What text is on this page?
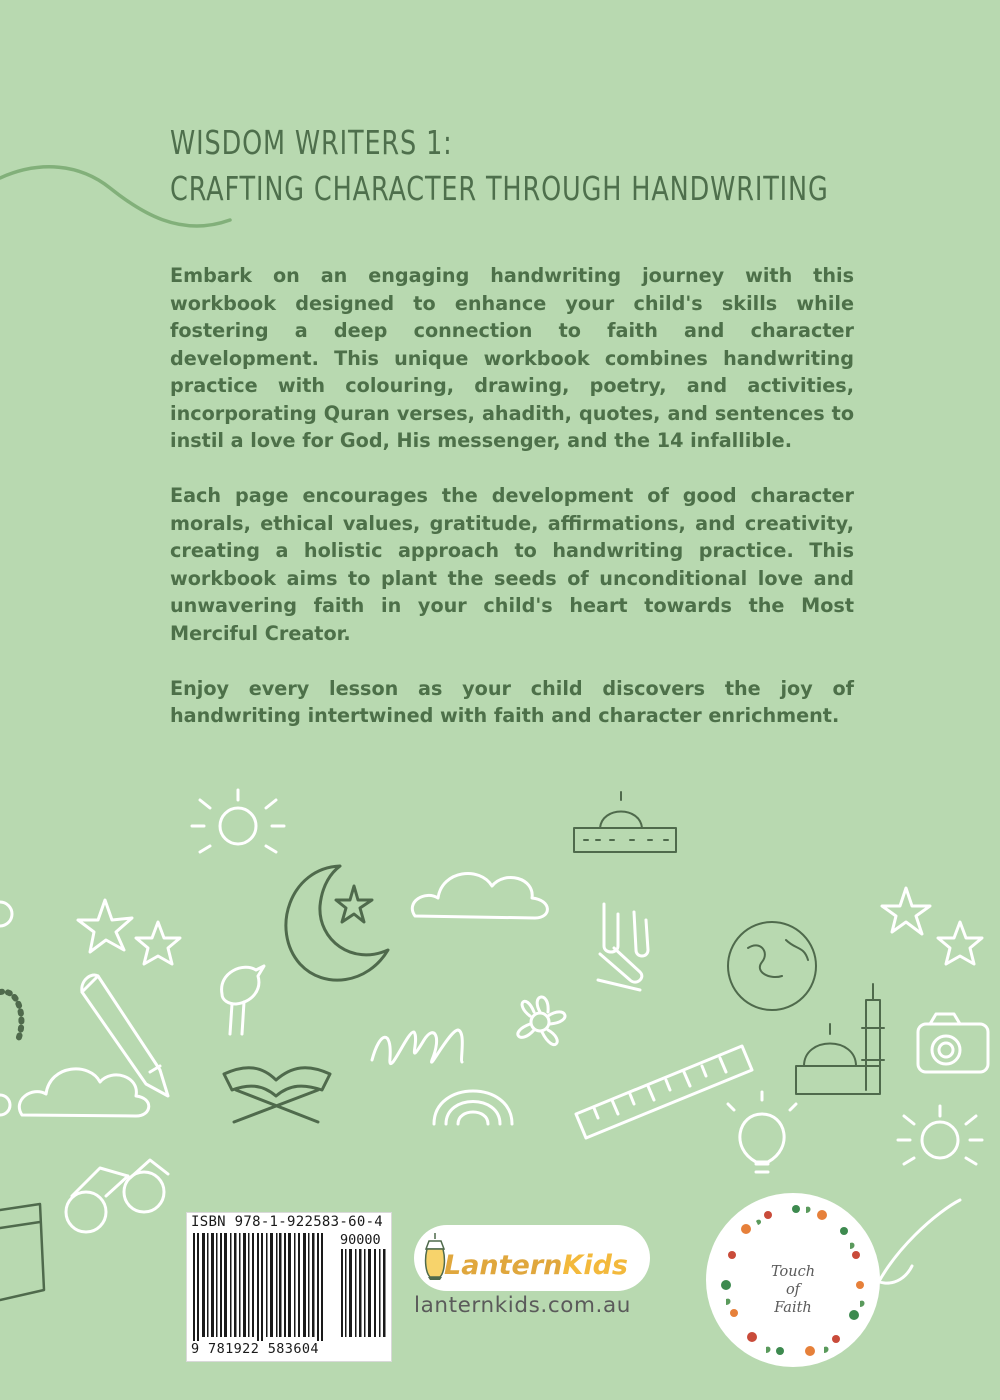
WISDOM WRITERS 1:
CRAFTING CHARACTER THROUGH HANDWRITING

Embark on an engaging handwriting journey with this workbook designed to enhance your child's skills while fostering a deep connection to faith and character development. This unique workbook combines handwriting practice with colouring, drawing, poetry, and activities, incorporating Quran verses, ahadith, quotes, and sentences to instil a love for God, His messenger, and the 14 infallible.

Each page encourages the development of good character morals, ethical values, gratitude, affirmations, and creativity, creating a holistic approach to handwriting practice. This workbook aims to plant the seeds of unconditional love and unwavering faith in your child's heart towards the Most Merciful Creator.

Enjoy every lesson as your child discovers the joy of handwriting intertwined with faith and character enrichment.

ISBN 978-1-922583-60-4
90000
9 781922 583604
LanternKids
lanternkids.com.au
Touch
of
Faith
